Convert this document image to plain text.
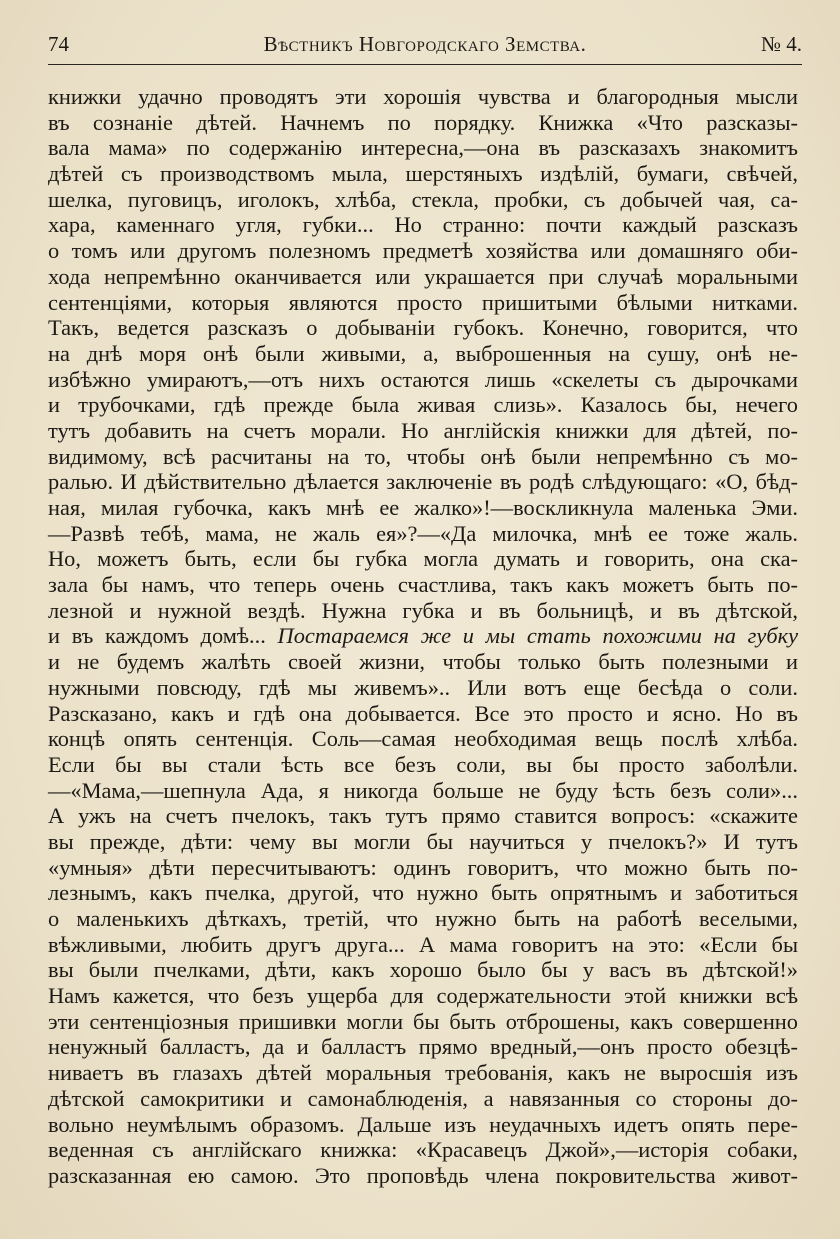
74	Вѣстникъ Новгородскаго Земства.	№ 4.
книжки удачно проводятъ эти хорошія чувства и благородныя мысли
въ сознаніе дѣтей. Начнемъ по порядку. Книжка «Что разсказы-
вала мама» по содержанію интересна,—она въ разсказахъ знакомитъ
дѣтей съ производствомъ мыла, шерстяныхъ издѣлій, бумаги, свѣчей,
шелка, пуговицъ, иголокъ, хлѣба, стекла, пробки, съ добычей чая, са-
хара, каменнаго угля, губки... Но странно: почти каждый разсказъ
о томъ или другомъ полезномъ предметѣ хозяйства или домашняго оби-
хода непремѣнно оканчивается или украшается при случаѣ моральными
сентенціями, которыя являются просто пришитыми бѣлыми нитками.
Такъ, ведется разсказъ о добываніи губокъ. Конечно, говорится, что
на днѣ моря онѣ были живыми, а, выброшенныя на сушу, онѣ не-
избѣжно умираютъ,—отъ нихъ остаются лишь «скелеты съ дырочками
и трубочками, гдѣ прежде была живая слизь». Казалось бы, нечего
тутъ добавить на счетъ морали. Но англійскія книжки для дѣтей, по-
видимому, всѣ расчитаны на то, чтобы онѣ были непремѣнно съ мо-
ралью. И дѣйствительно дѣлается заключеніе въ родѣ слѣдующаго: «О, бѣд-
ная, милая губочка, какъ мнѣ ее жалко»!—воскликнула маленька Эми.
—Развѣ тебѣ, мама, не жаль ея»?—«Да милочка, мнѣ ее тоже жаль.
Но, можетъ быть, если бы губка могла думать и говорить, она ска-
зала бы намъ, что теперь очень счастлива, такъ какъ можетъ быть по-
лезной и нужной вездѣ. Нужна губка и въ больницѣ, и въ дѣтской,
и въ каждомъ домѣ... Постараемся же и мы стать похожими на губку
и не будемъ жалѣть своей жизни, чтобы только быть полезными и
нужными повсюду, гдѣ мы живемъ».. Или вотъ еще бесѣда о соли.
Разсказано, какъ и гдѣ она добывается. Все это просто и ясно. Но въ
концѣ опять сентенція. Соль—самая необходимая вещь послѣ хлѣба.
Если бы вы стали ѣсть все безъ соли, вы бы просто заболѣли.
—«Мама,—шепнула Ада, я никогда больше не буду ѣсть безъ соли»...
А ужъ на счетъ пчелокъ, такъ тутъ прямо ставится вопросъ: «скажите
вы прежде, дѣти: чему вы могли бы научиться у пчелокъ?» И тутъ
«умныя» дѣти пересчитываютъ: одинъ говоритъ, что можно быть по-
лезнымъ, какъ пчелка, другой, что нужно быть опрятнымъ и заботиться
о маленькихъ дѣткахъ, третій, что нужно быть на работѣ веселыми,
вѣжливыми, любить другъ друга... А мама говоритъ на это: «Если бы
вы были пчелками, дѣти, какъ хорошо было бы у васъ въ дѣтской!»
Намъ кажется, что безъ ущерба для содержательности этой книжки всѣ
эти сентенціозныя пришивки могли бы быть отброшены, какъ совершенно
ненужный балластъ, да и балластъ прямо вредный,—онъ просто обезцѣ-
ниваетъ въ глазахъ дѣтей моральныя требованія, какъ не выросшія изъ
дѣтской самокритики и самонаблюденія, а навязанныя со стороны до-
вольно неумѣлымъ образомъ. Дальше изъ неудачныхъ идетъ опять пере-
веденная съ англійскаго книжка: «Красавецъ Джой»,—исторія собаки,
разсказанная ею самою. Это проповѣдь члена покровительства живот-
